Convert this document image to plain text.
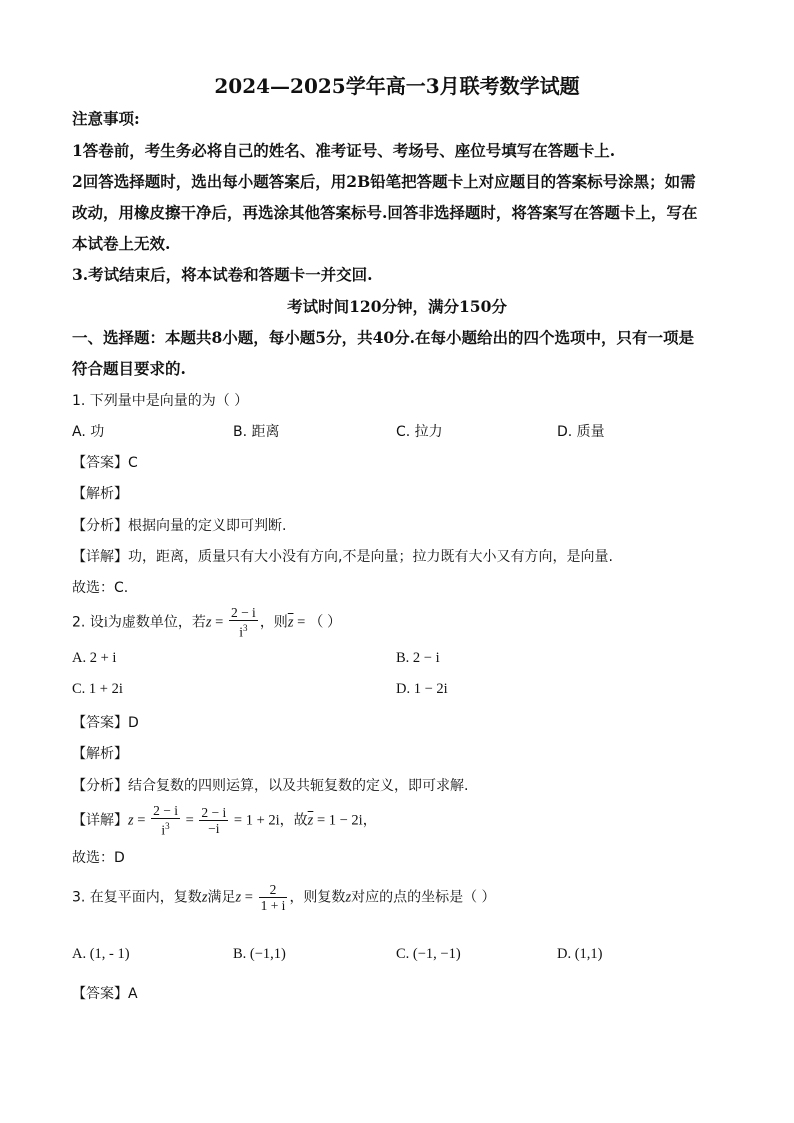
2024—2025学年高一3月联考数学试题
注意事项:
1答卷前，考生务必将自己的姓名、准考证号、考场号、座位号填写在答题卡上.
2回答选择题时，选出每小题答案后，用2B铅笔把答题卡上对应题目的答案标号涂黑；如需
改动，用橡皮擦干净后，再选涂其他答案标号.回答非选择题时，将答案写在答题卡上，写在
本试卷上无效.
3.考试结束后，将本试卷和答题卡一并交回.
考试时间120分钟，满分150分
一、选择题：本题共8小题，每小题5分，共40分.在每小题给出的四个选项中，只有一项是
符合题目要求的.
1. 下列量中是向量的为（ ）
A. 功	B. 距离	C. 拉力	D. 质量
【答案】C
【解析】
【分析】根据向量的定义即可判断.
【详解】功，距离，质量只有大小没有方向,不是向量；拉力既有大小又有方向，是向量.
故选：C.
2. 设i为虚数单位，若$z = \frac{2 - i}{i^3}$ ，则$\overline{z}$ = （ ）
A. 2 + i	B. 2 − i
C. 1 + 2i	D. 1 − 2i
【答案】D
【解析】
【分析】结合复数的四则运算，以及共轭复数的定义，即可求解.
【详解】$z = \frac{2 - i}{i^3} = \frac{2 - i}{-i} = 1 + 2i$，故$\overline{z} = 1 - 2i$，
故选：D
3. 在复平面内，复数z满足$z = \frac{2}{1 + i}$ ，则复数z对应的点的坐标是（ ）
A. (1, - 1)	B. (−1,1)	C. (−1, −1)	D. (1,1)
【答案】A
